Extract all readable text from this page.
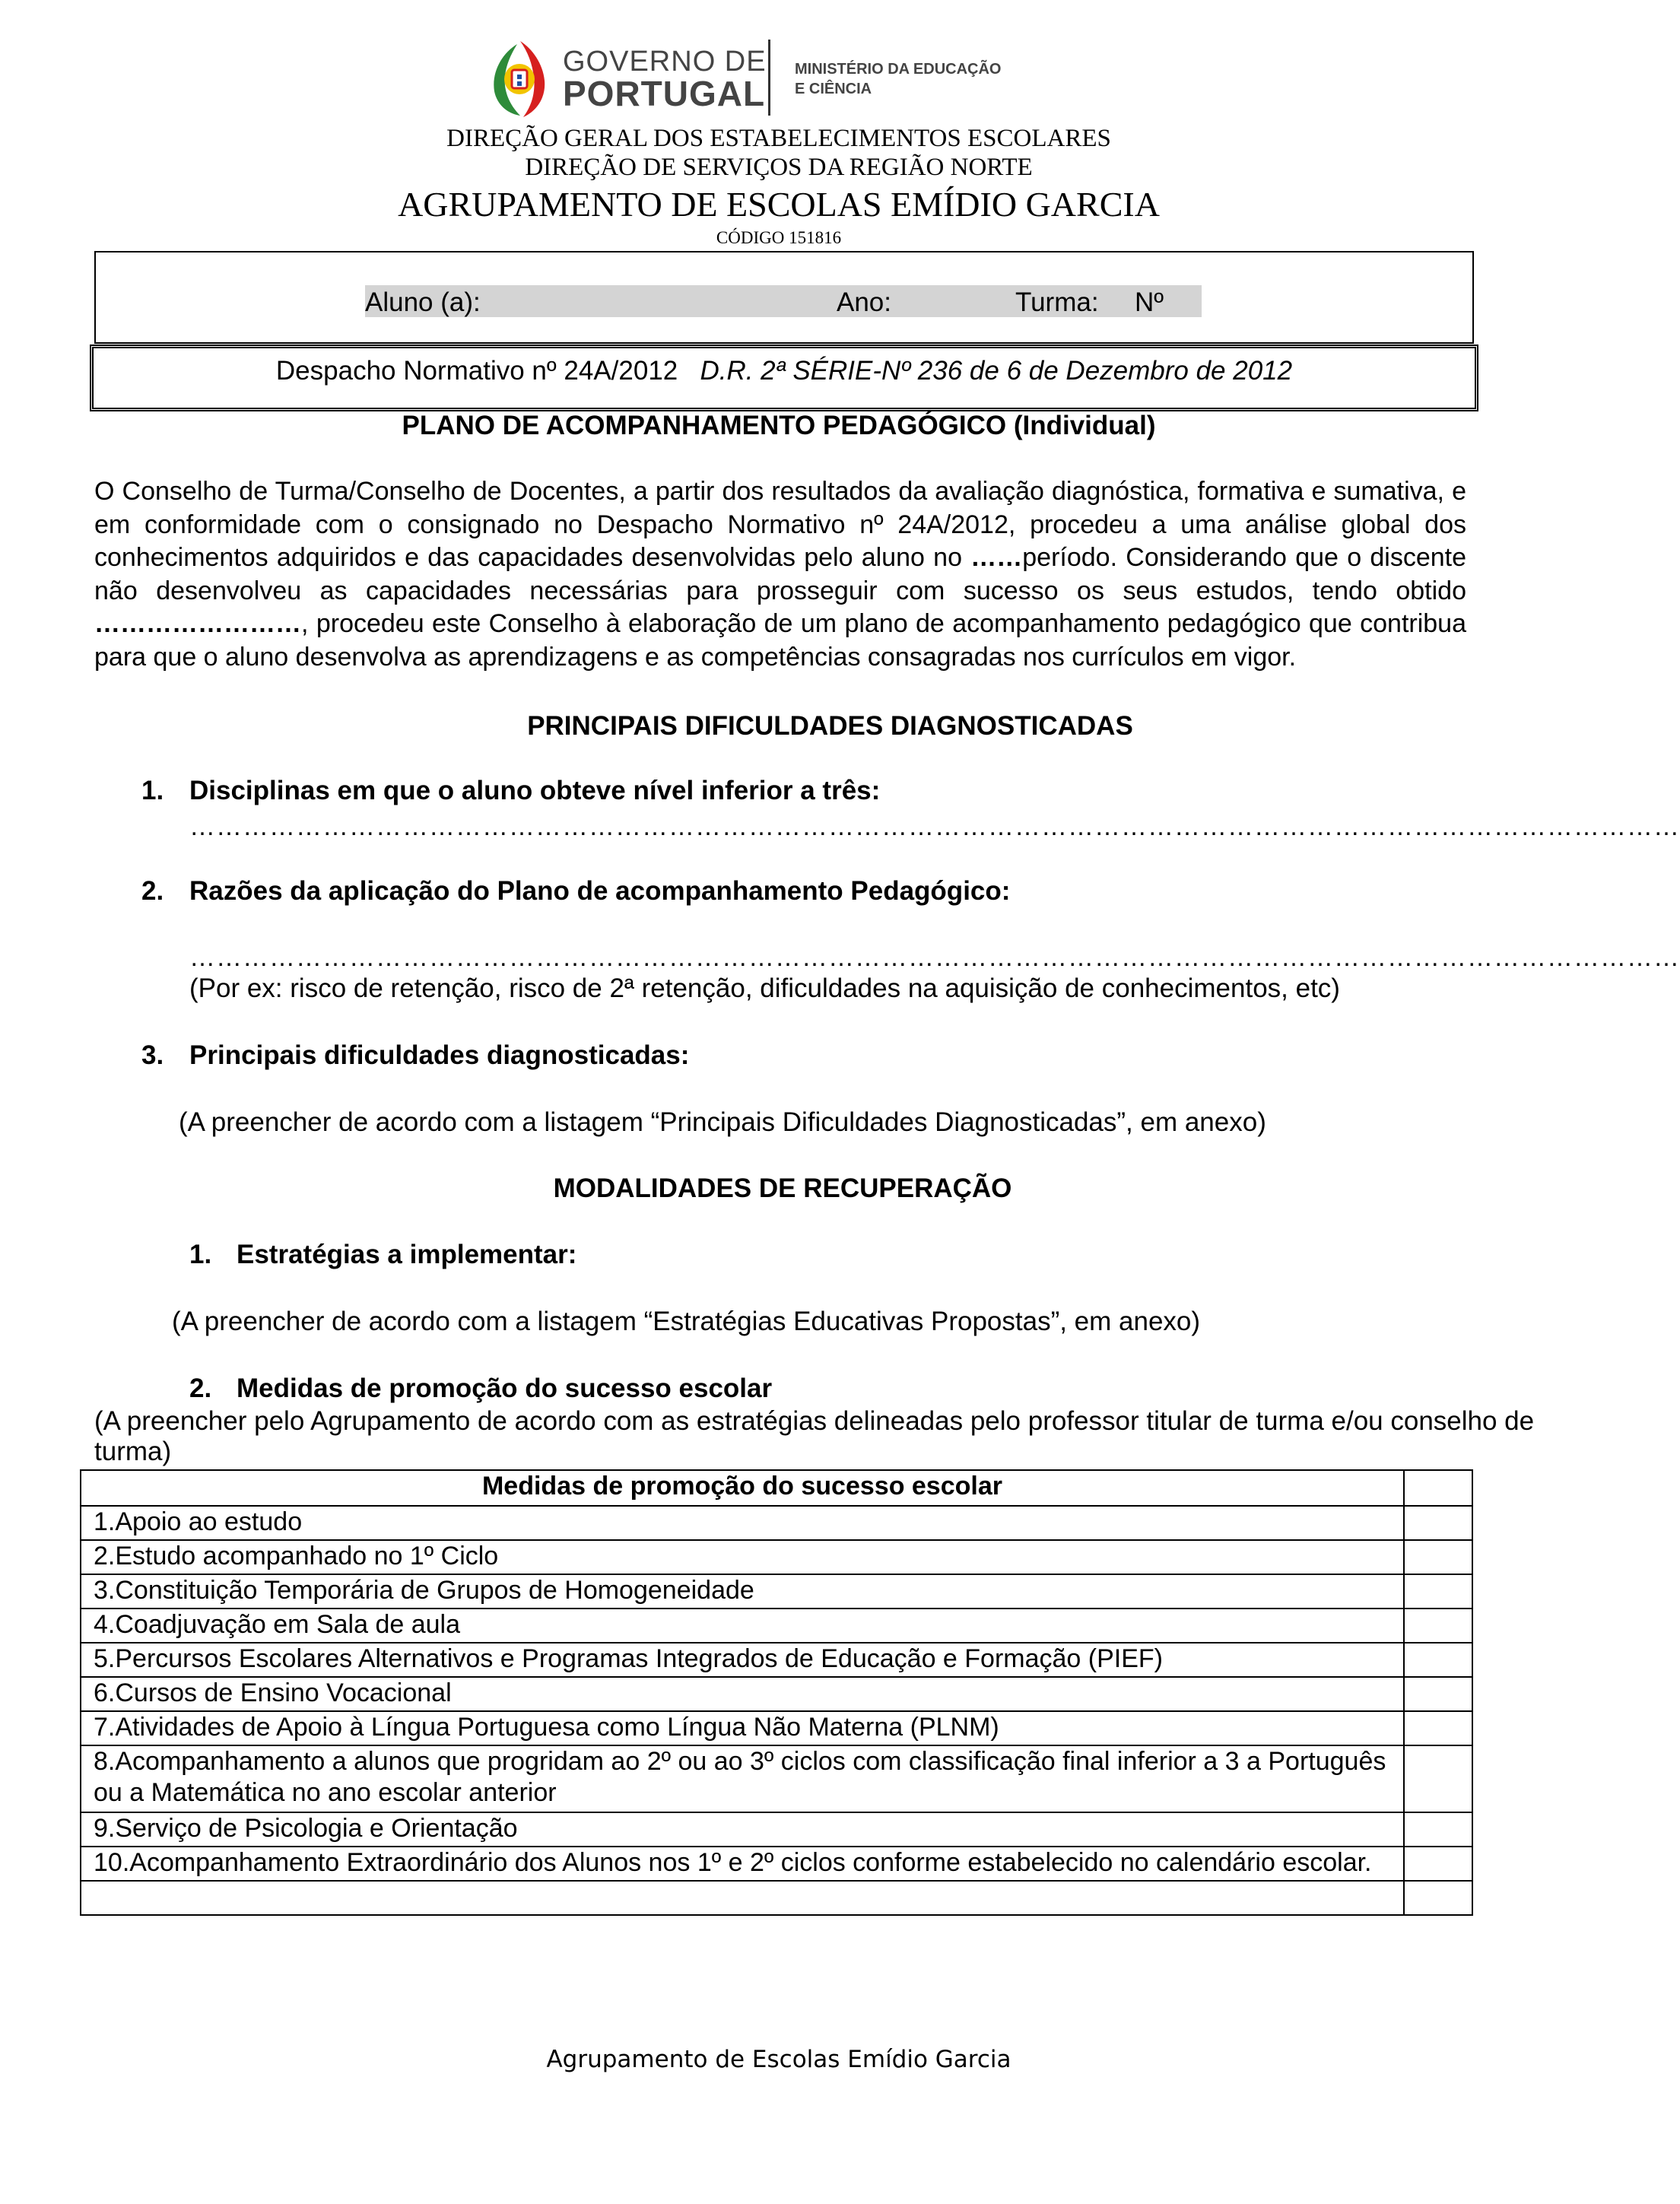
GOVERNO DE
PORTUGAL
MINISTÉRIO DA EDUCAÇÃO
E CIÊNCIA
DIREÇÃO GERAL DOS ESTABELECIMENTOS ESCOLARES
DIREÇÃO DE SERVIÇOS DA REGIÃO NORTE
AGRUPAMENTO DE ESCOLAS EMÍDIO GARCIA
CÓDIGO 151816
Aluno (a):	Ano:	Turma: Nº
Despacho Normativo nº 24A/2012 D.R. 2ª SÉRIE-Nº 236 de 6 de Dezembro de 2012
PLANO DE ACOMPANHAMENTO PEDAGÓGICO (Individual)
O Conselho de Turma/Conselho de Docentes, a partir dos resultados da avaliação diagnóstica, formativa e sumativa, e em conformidade com o consignado no Despacho Normativo nº 24A/2012, procedeu a uma análise global dos conhecimentos adquiridos e das capacidades desenvolvidas pelo aluno no ……período. Considerando que o discente não desenvolveu as capacidades necessárias para prosseguir com sucesso os seus estudos, tendo obtido ……………………, procedeu este Conselho à elaboração de um plano de acompanhamento pedagógico que contribua para que o aluno desenvolva as aprendizagens e as competências consagradas nos currículos em vigor.
PRINCIPAIS DIFICULDADES DIAGNOSTICADAS
1. Disciplinas em que o aluno obteve nível inferior a três:
……………………………………………………………………………………………………………………………………………………
2. Razões da aplicação do Plano de acompanhamento Pedagógico:
……………………………………………………………………………………………………………………………………………………
(Por ex: risco de retenção, risco de 2ª retenção, dificuldades na aquisição de conhecimentos, etc)
3. Principais dificuldades diagnosticadas:
(A preencher de acordo com a listagem “Principais Dificuldades Diagnosticadas”, em anexo)
MODALIDADES DE RECUPERAÇÃO
1. Estratégias a implementar:
(A preencher de acordo com a listagem “Estratégias Educativas Propostas”, em anexo)
2. Medidas de promoção do sucesso escolar
(A preencher pelo Agrupamento de acordo com as estratégias delineadas pelo professor titular de turma e/ou conselho de turma)
Medidas de promoção do sucesso escolar	
1.Apoio ao estudo	
2.Estudo acompanhado no 1º Ciclo	
3.Constituição Temporária de Grupos de Homogeneidade	
4.Coadjuvação em Sala de aula	
5.Percursos Escolares Alternativos e Programas Integrados de Educação e Formação (PIEF)	
6.Cursos de Ensino Vocacional	
7.Atividades de Apoio à Língua Portuguesa como Língua Não Materna (PLNM)	
8.Acompanhamento a alunos que progridam ao 2º ou ao 3º ciclos com classificação final inferior a 3 a Português ou a Matemática no ano escolar anterior	
9.Serviço de Psicologia e Orientação	
10.Acompanhamento Extraordinário dos Alunos nos 1º e 2º ciclos conforme estabelecido no calendário escolar.	

Agrupamento de Escolas Emídio Garcia
